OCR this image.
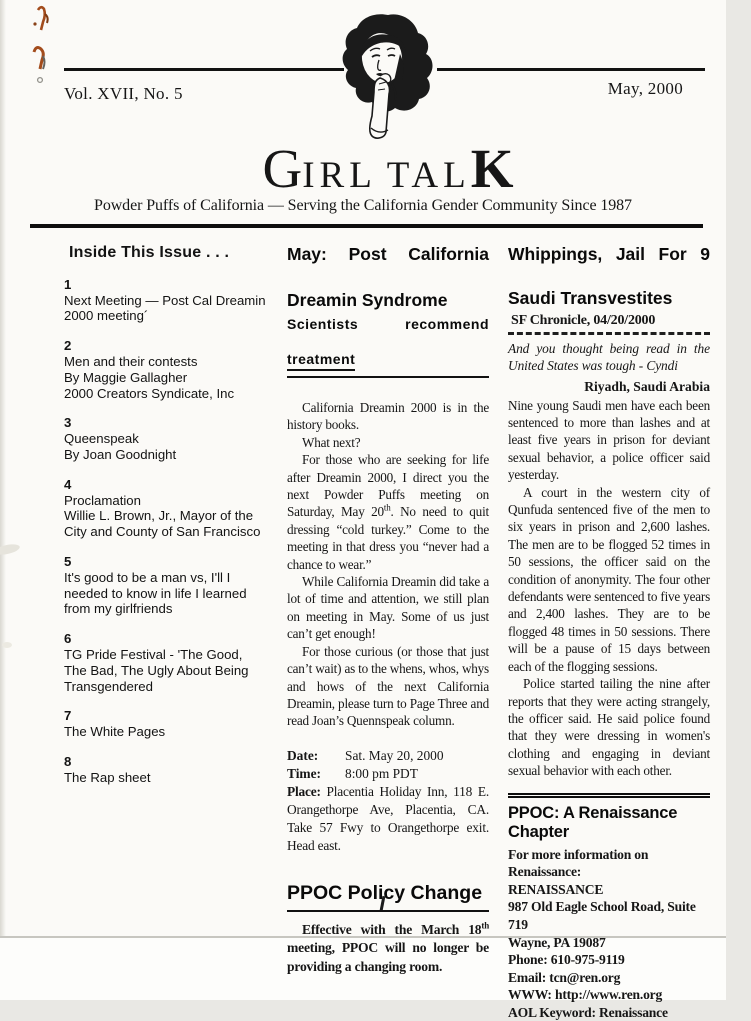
Vol. XVII, No. 5	May, 2000
GIRL TALK
Powder Puffs of California — Serving the California Gender Community Since 1987
Inside This Issue . . .
1
Next Meeting — Post Cal Dreamin 2000 meeting´
2
Men and their contests
By Maggie Gallagher
2000 Creators Syndicate, Inc
3
Queenspeak
By Joan Goodnight
4
Proclamation
Willie L. Brown, Jr., Mayor of the City and County of San Francisco
5
It's good to be a man vs, I'll I needed to know in life I learned from my girlfriends
6
TG Pride Festival - 'The Good, The Bad, The Ugly About Being Transgendered
7
The White Pages
8
The Rap sheet
May: Post California
Dreamin Syndrome
Scientists recommend
treatment

California Dreamin 2000 is in the history books.

What next?

For those who are seeking for life after Dreamin 2000, I direct you the next Powder Puffs meeting on Saturday, May 20th. No need to quit dressing “cold turkey.” Come to the meeting in that dress you “never had a chance to wear.”

While California Dreamin did take a lot of time and attention, we still plan on meeting in May. Some of us just can’t get enough!

For those curious (or those that just can’t wait) as to the whens, whos, whys and hows of the next California Dreamin, please turn to Page Three and read Joan’s Quennspeak column.

Date:	Sat. May 20, 2000
Time:	8:00 pm PDT
Place: Placentia Holiday Inn, 118 E. Orangethorpe Ave, Placentia, CA. Take 57 Fwy to Orangethorpe exit. Head east.
PPOC Policy Change
Effective with the March 18th meeting, PPOC will no longer be providing a changing room.
Whippings, Jail For 9
Saudi Transvestites
SF Chronicle, 04/20/2000
And you thought being read in the United States was tough - Cyndi
Riyadh, Saudi Arabia

Nine young Saudi men have each been sentenced to more than lashes and at least five years in prison for deviant sexual behavior, a police officer said yesterday.

A court in the western city of Qunfuda sentenced five of the men to six years in prison and 2,600 lashes. The men are to be flogged 52 times in 50 sessions, the officer said on the condition of anonymity. The four other defendants were sentenced to five years and 2,400 lashes. They are to be flogged 48 times in 50 sessions. There will be a pause of 15 days between each of the flogging sessions.

Police started tailing the nine after reports that they were acting strangely, the officer said. He said police found that they were dressing in women's clothing and engaging in deviant sexual behavior with each other.

PPOC: A Renaissance Chapter
For more information on Renaissance:
RENAISSANCE
987 Old Eagle School Road, Suite 719
Wayne, PA 19087
Phone: 610-975-9119
Email: tcn@ren.org
WWW: http://www.ren.org
AOL Keyword: Renaissance
